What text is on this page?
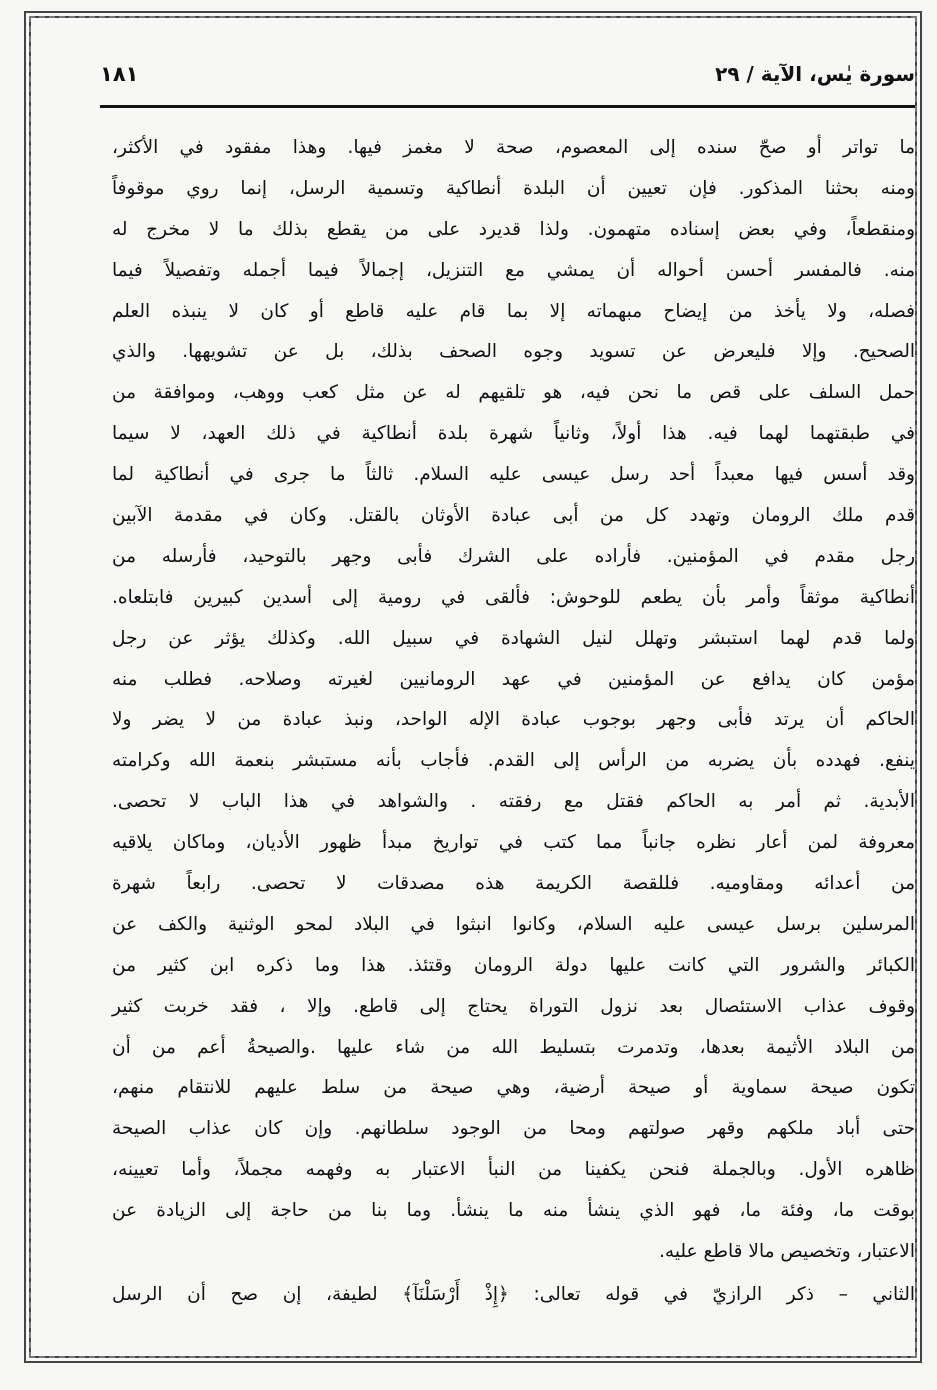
سورة يٰس، الآية / ٢٩
١٨١
ما تواتر أو صحّ سنده إلى المعصوم، صحة لا مغمز فيها. وهذا مفقود في الأكثر،
ومنه بحثنا المذكور. فإن تعيين أن البلدة أنطاكية وتسمية الرسل، إنما روي موقوفاً
ومنقطعاً، وفي بعض إسناده متهمون. ولذا قديرد على من يقطع بذلك ما لا مخرج له
منه. فالمفسر أحسن أحواله أن يمشي مع التنزيل، إجمالاً فيما أجمله وتفصيلاً فيما
فصله، ولا يأخذ من إيضاح مبهماته إلا بما قام عليه قاطع أو كان لا ينبذه العلم
الصحيح. وإلا فليعرض عن تسويد وجوه الصحف بذلك، بل عن تشويهها. والذي
حمل السلف على قص ما نحن فيه، هو تلقيهم له عن مثل كعب ووهب، وموافقة من
في طبقتهما لهما فيه. هذا أولاً، وثانياً شهرة بلدة أنطاكية في ذلك العهد، لا سيما
وقد أسس فيها معبداً أحد رسل عيسى عليه السلام. ثالثاً ما جرى في أنطاكية لما
قدم ملك الرومان وتهدد كل من أبى عبادة الأوثان بالقتل. وكان في مقدمة الآبين
رجل مقدم في المؤمنين. فأراده على الشرك فأبى وجهر بالتوحيد، فأرسله من
أنطاكية موثقاً وأمر بأن يطعم للوحوش: فألقى في رومية إلى أسدين كبيرين فابتلعاه.
ولما قدم لهما استبشر وتهلل لنيل الشهادة في سبيل الله. وكذلك يؤثر عن رجل
مؤمن كان يدافع عن المؤمنين في عهد الرومانيين لغيرته وصلاحه. فطلب منه
الحاكم أن يرتد فأبى وجهر بوجوب عبادة الإله الواحد، ونبذ عبادة من لا يضر ولا
ينفع. فهدده بأن يضربه من الرأس إلى القدم. فأجاب بأنه مستبشر بنعمة الله وكرامته
الأبدية. ثم أمر به الحاكم فقتل مع رفقته . والشواهد في هذا الباب لا تحصى.
معروفة لمن أعار نظره جانباً مما كتب في تواريخ مبدأ ظهور الأديان، وماكان يلاقيه
من أعدائه ومقاوميه. فللقصة الكريمة هذه مصدقات لا تحصى. رابعاً شهرة
المرسلين برسل عيسى عليه السلام، وكانوا انبثوا في البلاد لمحو الوثنية والكف عن
الكبائر والشرور التي كانت عليها دولة الرومان وقتئذ. هذا وما ذكره ابن كثير من
وقوف عذاب الاستئصال بعد نزول التوراة يحتاج إلى قاطع. وإلا ، فقد خربت كثير
من البلاد الأثيمة بعدها، وتدمرت بتسليط الله من شاء عليها .والصيحةُ أعم من أن
تكون صيحة سماوية أو صيحة أرضية، وهي صيحة من سلط عليهم للانتقام منهم،
حتى أباد ملكهم وقهر صولتهم ومحا من الوجود سلطانهم. وإن كان عذاب الصيحة
ظاهره الأول. وبالجملة فنحن يكفينا من النبأ الاعتبار به وفهمه مجملاً، وأما تعيينه،
بوقت ما، وفئة ما، فهو الذي ينشأ منه ما ينشأ. وما بنا من حاجة إلى الزيادة عن
الاعتبار، وتخصيص مالا قاطع عليه.
الثاني – ذكر الرازيّ في قوله تعالى: ﴿إِذْ أَرْسَلْنَآ﴾ لطيفة، إن صح أن الرسل
